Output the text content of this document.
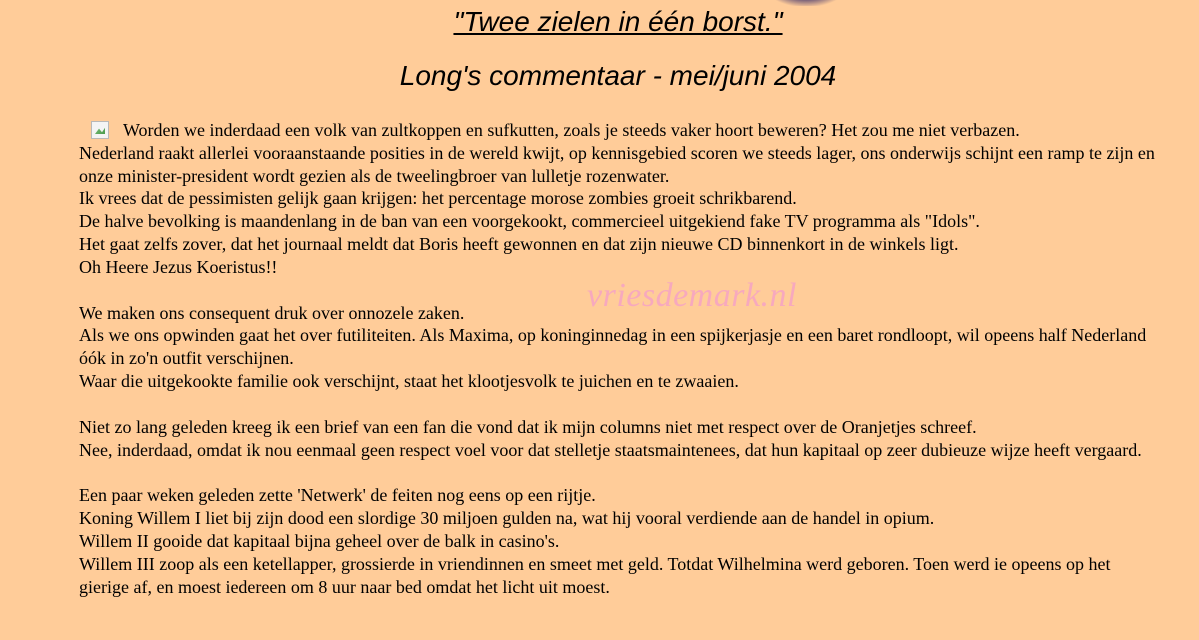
"Twee zielen in één borst."
Long's commentaar - mei/juni 2004

Worden we inderdaad een volk van zultkoppen en sufkutten, zoals je steeds vaker hoort beweren? Het zou me niet verbazen.
Nederland raakt allerlei vooraanstaande posities in de wereld kwijt, op kennisgebied scoren we steeds lager, ons onderwijs schijnt een ramp te zijn en onze minister-president wordt gezien als de tweelingbroer van lulletje rozenwater.
Ik vrees dat de pessimisten gelijk gaan krijgen: het percentage morose zombies groeit schrikbarend.
De halve bevolking is maandenlang in de ban van een voorgekookt, commercieel uitgekiend fake TV programma als "Idols".
Het gaat zelfs zover, dat het journaal meldt dat Boris heeft gewonnen en dat zijn nieuwe CD binnenkort in de winkels ligt.
Oh Heere Jezus Koeristus!!

We maken ons consequent druk over onnozele zaken.
Als we ons opwinden gaat het over futiliteiten. Als Maxima, op koninginnedag in een spijkerjasje en een baret rondloopt, wil opeens half Nederland óók in zo'n outfit verschijnen.
Waar die uitgekookte familie ook verschijnt, staat het klootjesvolk te juichen en te zwaaien.

Niet zo lang geleden kreeg ik een brief van een fan die vond dat ik mijn columns niet met respect over de Oranjetjes schreef.
Nee, inderdaad, omdat ik nou eenmaal geen respect voel voor dat stelletje staatsmaintenees, dat hun kapitaal op zeer dubieuze wijze heeft vergaard.

Een paar weken geleden zette 'Netwerk' de feiten nog eens op een rijtje.
Koning Willem I liet bij zijn dood een slordige 30 miljoen gulden na, wat hij vooral verdiende aan de handel in opium.
Willem II gooide dat kapitaal bijna geheel over de balk in casino's.
Willem III zoop als een ketellapper, grossierde in vriendinnen en smeet met geld. Totdat Wilhelmina werd geboren. Toen werd ie opeens op het gierige af, en moest iedereen om 8 uur naar bed omdat het licht uit moest.

vriesdemark.nl
